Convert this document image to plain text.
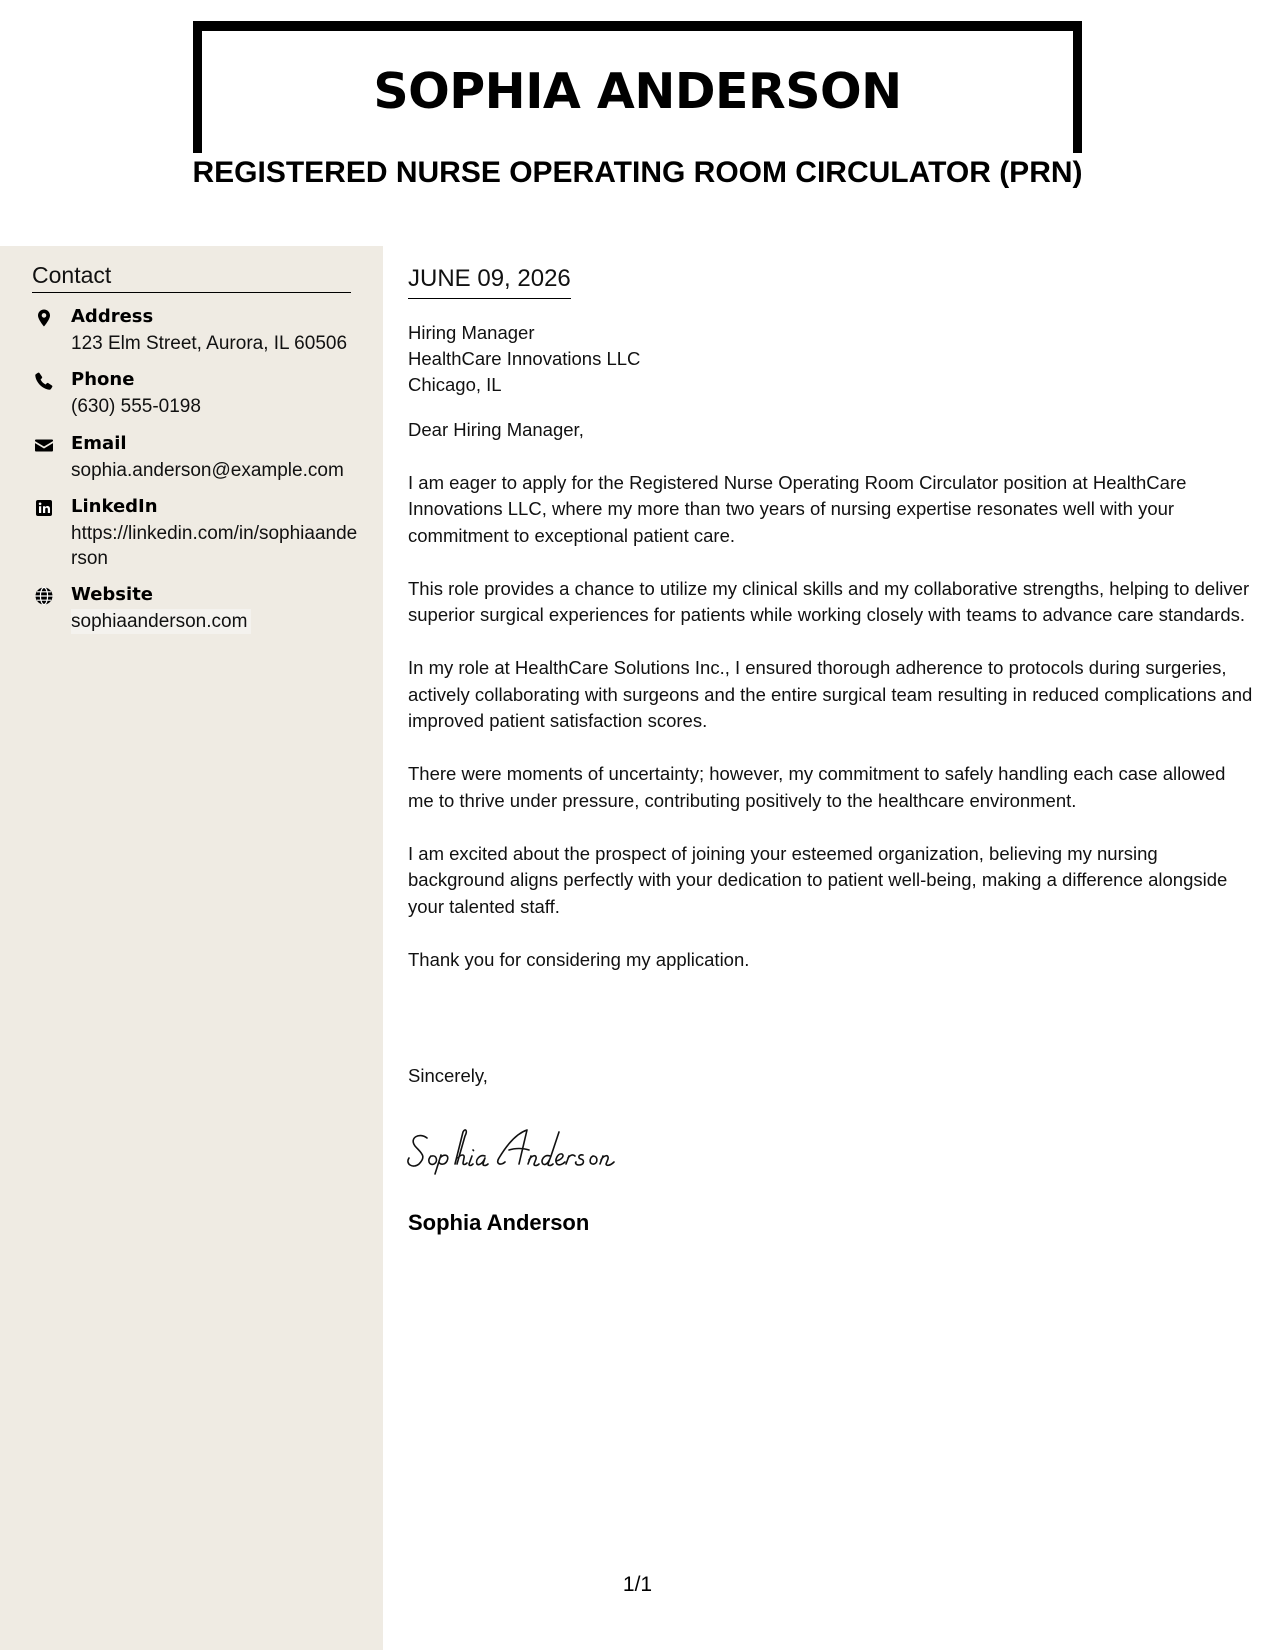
SOPHIA ANDERSON
REGISTERED NURSE OPERATING ROOM CIRCULATOR (PRN)
Contact
Address
123 Elm Street, Aurora, IL 60506
Phone
(630) 555-0198
Email
sophia.anderson@example.com
LinkedIn
https://linkedin.com/in/sophiaanderson
Website
sophiaanderson.com
JUNE 09, 2026
Hiring Manager
HealthCare Innovations LLC
Chicago, IL
Dear Hiring Manager,

I am eager to apply for the Registered Nurse Operating Room Circulator position at HealthCare Innovations LLC, where my more than two years of nursing expertise resonates well with your commitment to exceptional patient care.

This role provides a chance to utilize my clinical skills and my collaborative strengths, helping to deliver superior surgical experiences for patients while working closely with teams to advance care standards.

In my role at HealthCare Solutions Inc., I ensured thorough adherence to protocols during surgeries, actively collaborating with surgeons and the entire surgical team resulting in reduced complications and improved patient satisfaction scores.

There were moments of uncertainty; however, my commitment to safely handling each case allowed me to thrive under pressure, contributing positively to the healthcare environment.

I am excited about the prospect of joining your esteemed organization, believing my nursing background aligns perfectly with your dedication to patient well-being, making a difference alongside your talented staff.

Thank you for considering my application.

Sincerely,
Sophia Anderson
1/1
